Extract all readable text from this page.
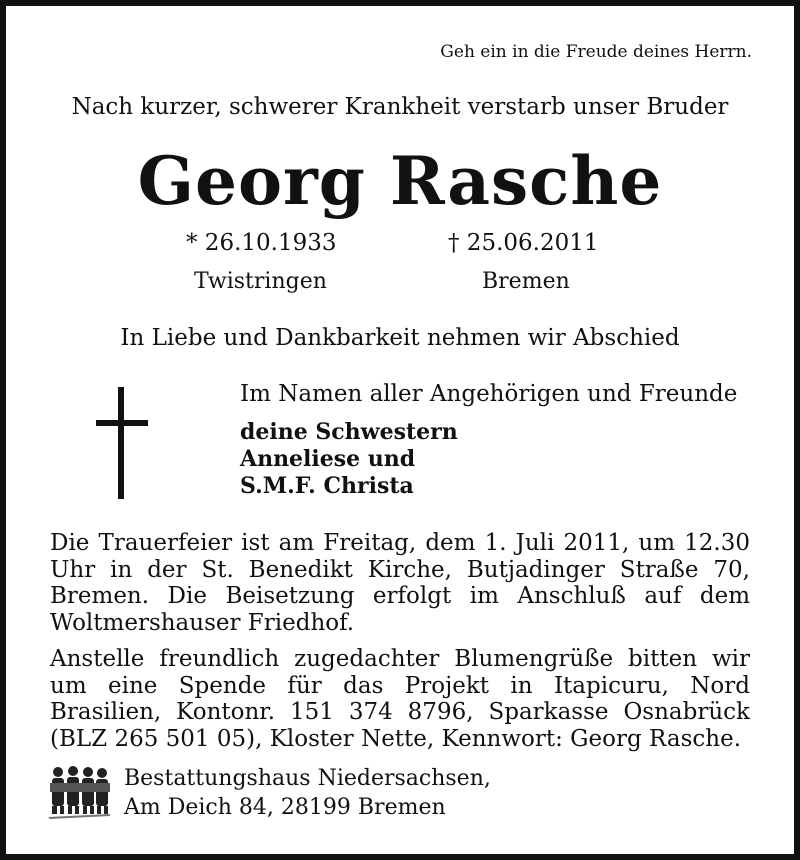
Geh ein in die Freude deines Herrn.
Nach kurzer, schwerer Krankheit verstarb unser Bruder
Georg Rasche
* 26.10.1933
Twistringen
† 25.06.2011
Bremen
In Liebe und Dankbarkeit nehmen wir Abschied
Im Namen aller Angehörigen und Freunde
deine Schwestern
Anneliese und
S.M.F. Christa
Die Trauerfeier ist am Freitag, dem 1. Juli 2011, um 12.30 Uhr in der St. Benedikt Kirche, Butjadinger Straße 70, Bremen. Die Beisetzung erfolgt im Anschluß auf dem Woltmershauser Friedhof.
Anstelle freundlich zugedachter Blumengrüße bitten wir um eine Spende für das Projekt in Itapicuru, Nord Brasilien, Kontonr. 151 374 8796, Sparkasse Osnabrück (BLZ 265 501 05), Kloster Nette, Kennwort: Georg Rasche.
Bestattungshaus Niedersachsen,
Am Deich 84, 28199 Bremen
